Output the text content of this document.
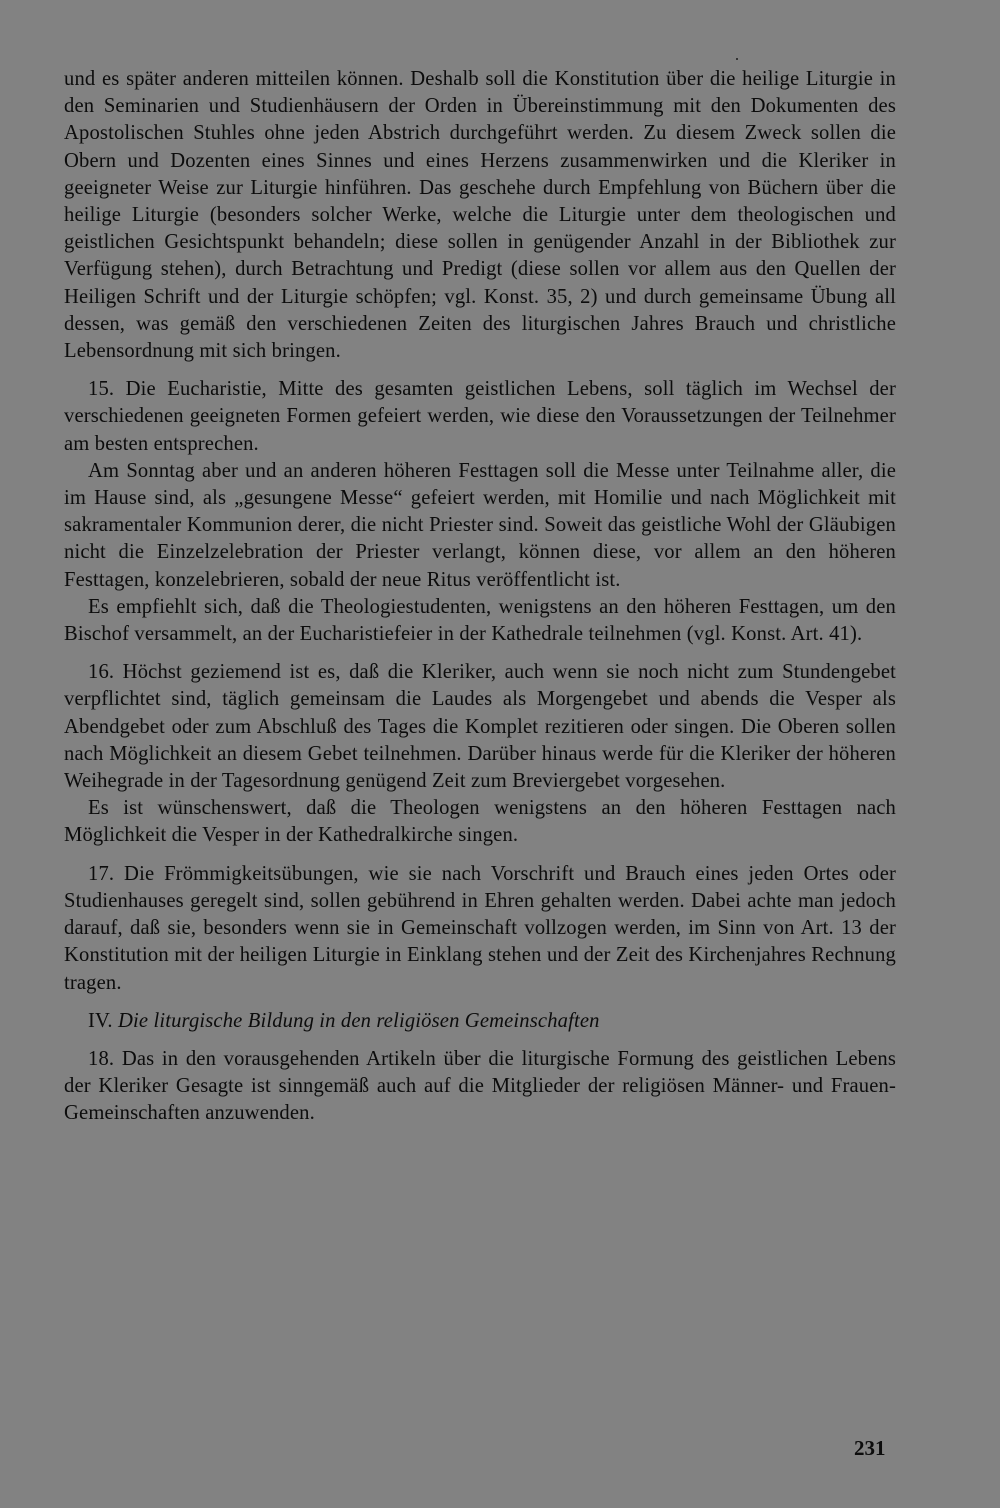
und es später anderen mitteilen können. Deshalb soll die Konstitution über die heilige Liturgie in den Seminarien und Studienhäusern der Orden in Übereinstimmung mit den Dokumenten des Apostolischen Stuhles ohne jeden Abstrich durchgeführt werden. Zu diesem Zweck sollen die Obern und Dozenten eines Sinnes und eines Herzens zusammenwirken und die Kleriker in geeigneter Weise zur Liturgie hinführen. Das geschehe durch Empfehlung von Büchern über die heilige Liturgie (besonders solcher Werke, welche die Liturgie unter dem theologischen und geistlichen Gesichtspunkt behandeln; diese sollen in genügender Anzahl in der Bibliothek zur Verfügung stehen), durch Betrachtung und Predigt (diese sollen vor allem aus den Quellen der Heiligen Schrift und der Liturgie schöpfen; vgl. Konst. 35, 2) und durch gemeinsame Übung all dessen, was gemäß den verschiedenen Zeiten des liturgischen Jahres Brauch und christliche Lebensordnung mit sich bringen.

15. Die Eucharistie, Mitte des gesamten geistlichen Lebens, soll täglich im Wechsel der verschiedenen geeigneten Formen gefeiert werden, wie diese den Voraussetzungen der Teilnehmer am besten entsprechen.

Am Sonntag aber und an anderen höheren Festtagen soll die Messe unter Teilnahme aller, die im Hause sind, als „gesungene Messe“ gefeiert werden, mit Homilie und nach Möglichkeit mit sakramentaler Kommunion derer, die nicht Priester sind. Soweit das geistliche Wohl der Gläubigen nicht die Einzelzelebration der Priester verlangt, können diese, vor allem an den höheren Festtagen, konzelebrieren, sobald der neue Ritus veröffentlicht ist.

Es empfiehlt sich, daß die Theologiestudenten, wenigstens an den höheren Festtagen, um den Bischof versammelt, an der Eucharistiefeier in der Kathedrale teilnehmen (vgl. Konst. Art. 41).

16. Höchst geziemend ist es, daß die Kleriker, auch wenn sie noch nicht zum Stundengebet verpflichtet sind, täglich gemeinsam die Laudes als Morgengebet und abends die Vesper als Abendgebet oder zum Abschluß des Tages die Komplet rezitieren oder singen. Die Oberen sollen nach Möglichkeit an diesem Gebet teilnehmen. Darüber hinaus werde für die Kleriker der höheren Weihegrade in der Tagesordnung genügend Zeit zum Breviergebet vorgesehen.

Es ist wünschenswert, daß die Theologen wenigstens an den höheren Festtagen nach Möglichkeit die Vesper in der Kathedralkirche singen.

17. Die Frömmigkeitsübungen, wie sie nach Vorschrift und Brauch eines jeden Ortes oder Studienhauses geregelt sind, sollen gebührend in Ehren gehalten werden. Dabei achte man jedoch darauf, daß sie, besonders wenn sie in Gemeinschaft vollzogen werden, im Sinn von Art. 13 der Konstitution mit der heiligen Liturgie in Einklang stehen und der Zeit des Kirchenjahres Rechnung tragen.

IV. Die liturgische Bildung in den religiösen Gemeinschaften

18. Das in den vorausgehenden Artikeln über die liturgische Formung des geistlichen Lebens der Kleriker Gesagte ist sinngemäß auch auf die Mitglieder der religiösen Männer- und Frauen-Gemeinschaften anzuwenden.

231
